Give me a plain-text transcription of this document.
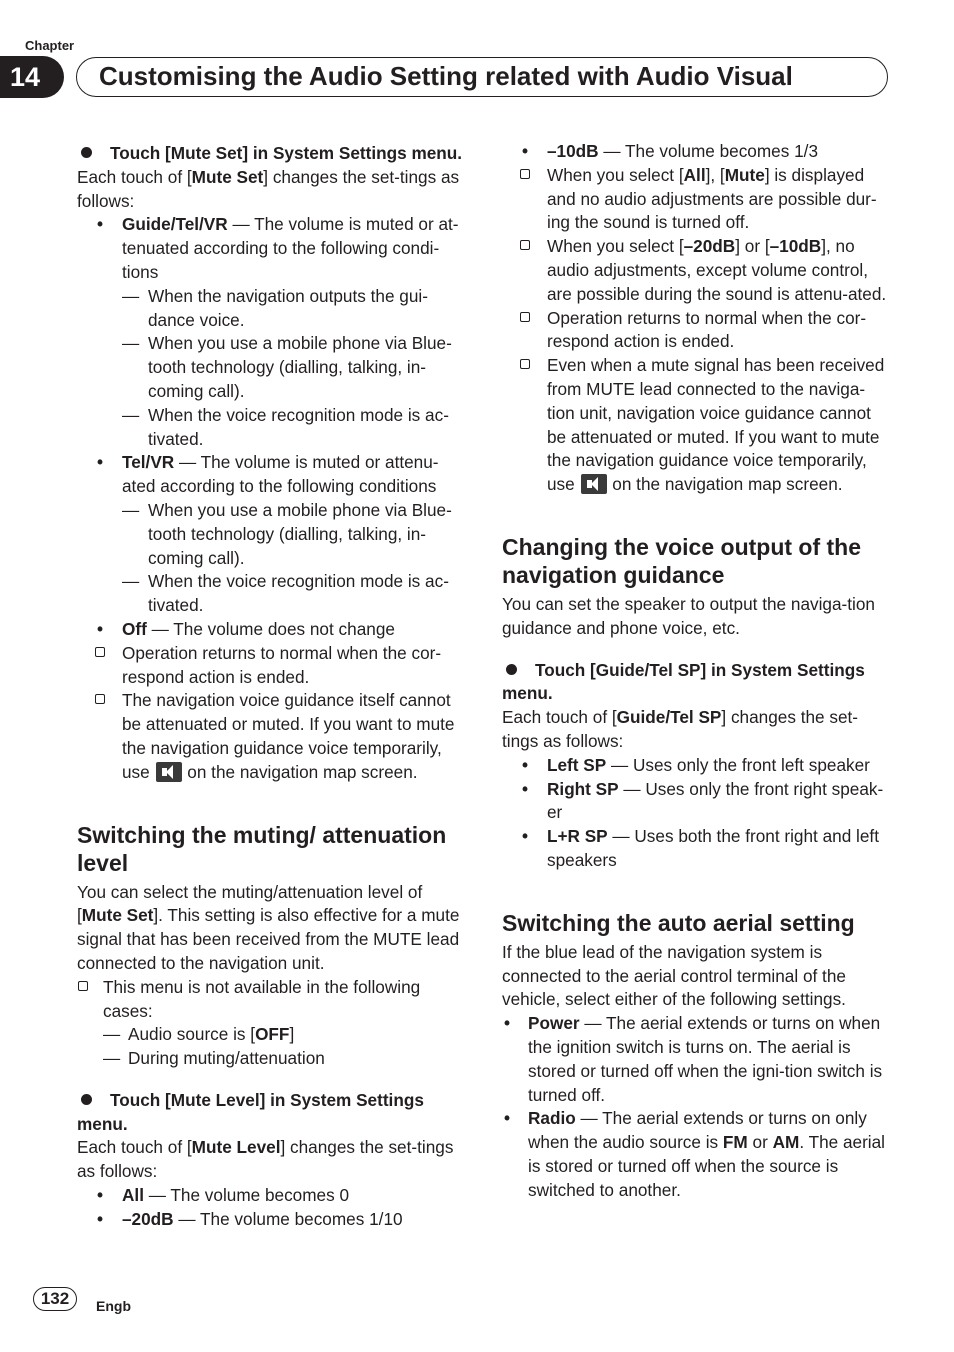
Chapter
14	Customising the Audio Setting related with Audio Visual

Touch [Mute Set] in System Settings menu.

Each touch of [Mute Set] changes the set-tings as follows:

• Guide/Tel/VR — The volume is muted or at-tenuated according to the following condi-tions
— When the navigation outputs the gui-dance voice.
— When you use a mobile phone via Blue-tooth technology (dialling, talking, in-coming call).
— When the voice recognition mode is ac-tivated.
• Tel/VR — The volume is muted or attenu-ated according to the following conditions
— When you use a mobile phone via Blue-tooth technology (dialling, talking, in-coming call).
— When the voice recognition mode is ac-tivated.
• Off — The volume does not change
Operation returns to normal when the cor-respond action is ended.
The navigation voice guidance itself cannot be attenuated or muted. If you want to mute the navigation guidance voice temporarily, use  on the navigation map screen.
Switching the muting/ attenuation level

You can select the muting/attenuation level of [Mute Set]. This setting is also effective for a mute signal that has been received from the MUTE lead connected to the navigation unit.

This menu is not available in the following cases:
— Audio source is [OFF]
— During muting/attenuation

Touch [Mute Level] in System Settings menu.

Each touch of [Mute Level] changes the set-tings as follows:

• All — The volume becomes 0
• –20dB — The volume becomes 1/10
• –10dB — The volume becomes 1/3
When you select [All], [Mute] is displayed and no audio adjustments are possible dur-ing the sound is turned off.
When you select [–20dB] or [–10dB], no audio adjustments, except volume control, are possible during the sound is attenu-ated.
Operation returns to normal when the cor-respond action is ended.
Even when a mute signal has been received from MUTE lead connected to the naviga-tion unit, navigation voice guidance cannot be attenuated or muted. If you want to mute the navigation guidance voice temporarily, use  on the navigation map screen.
Changing the voice output of the navigation guidance

You can set the speaker to output the naviga-tion guidance and phone voice, etc.

Touch [Guide/Tel SP] in System Settings menu.

Each touch of [Guide/Tel SP] changes the set-tings as follows:

• Left SP — Uses only the front left speaker
• Right SP — Uses only the front right speak-er
• L+R SP — Uses both the front right and left speakers
Switching the auto aerial setting

If the blue lead of the navigation system is connected to the aerial control terminal of the vehicle, select either of the following settings.

• Power — The aerial extends or turns on when the ignition switch is turns on. The aerial is stored or turned off when the igni-tion switch is turned off.
• Radio — The aerial extends or turns on only when the audio source is FM or AM. The aerial is stored or turned off when the source is switched to another.
132	Engb
